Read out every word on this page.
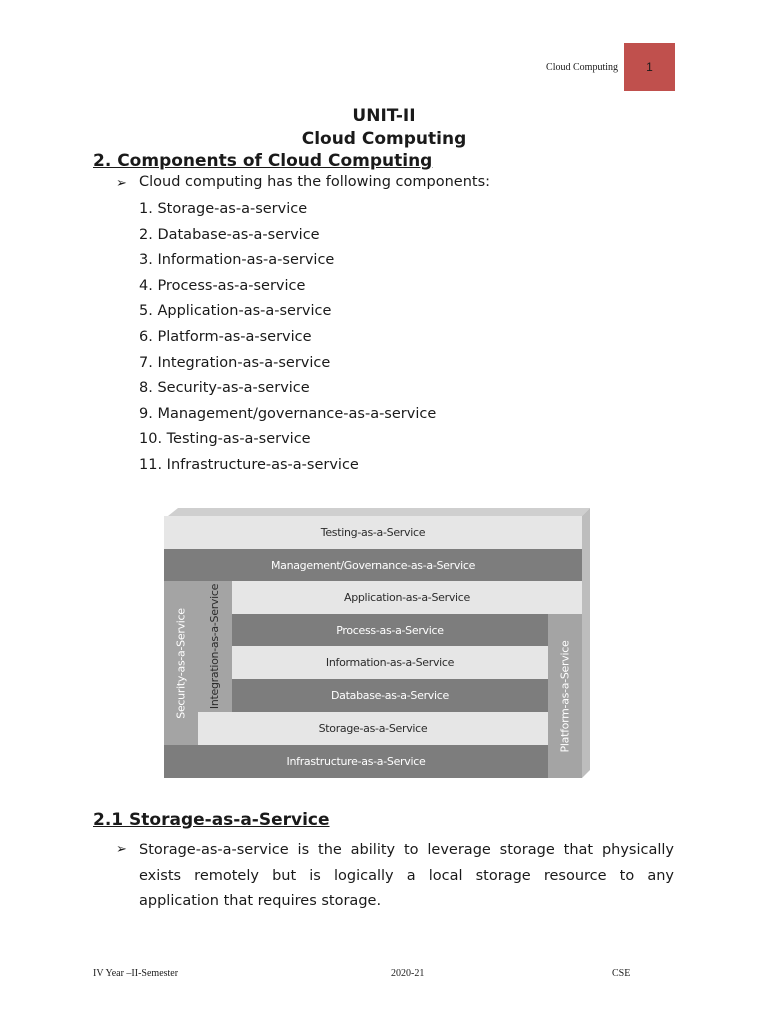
Cloud Computing 1
UNIT-II
Cloud Computing
2. Components of Cloud Computing
➢ Cloud computing has the following components:
1. Storage-as-a-service
2. Database-as-a-service
3. Information-as-a-service
4. Process-as-a-service
5. Application-as-a-service
6. Platform-as-a-service
7. Integration-as-a-service
8. Security-as-a-service
9. Management/governance-as-a-service
10. Testing-as-a-service
11. Infrastructure-as-a-service
Testing-as-a-Service
Management/Governance-as-a-Service
Security-as-a-Service Integration-as-a-Service	Application-as-a-Service
Process-as-a-Service
Information-as-a-Service
Database-as-a-Service
Storage-as-a-Service	Platform-as-a-Service
Infrastructure-as-a-Service
2.1 Storage-as-a-Service
➢ Storage-as-a-service is the ability to leverage storage that physically
exists remotely but is logically a local storage resource to any
application that requires storage.
IV Year –II-Semester	2020-21	CSE
